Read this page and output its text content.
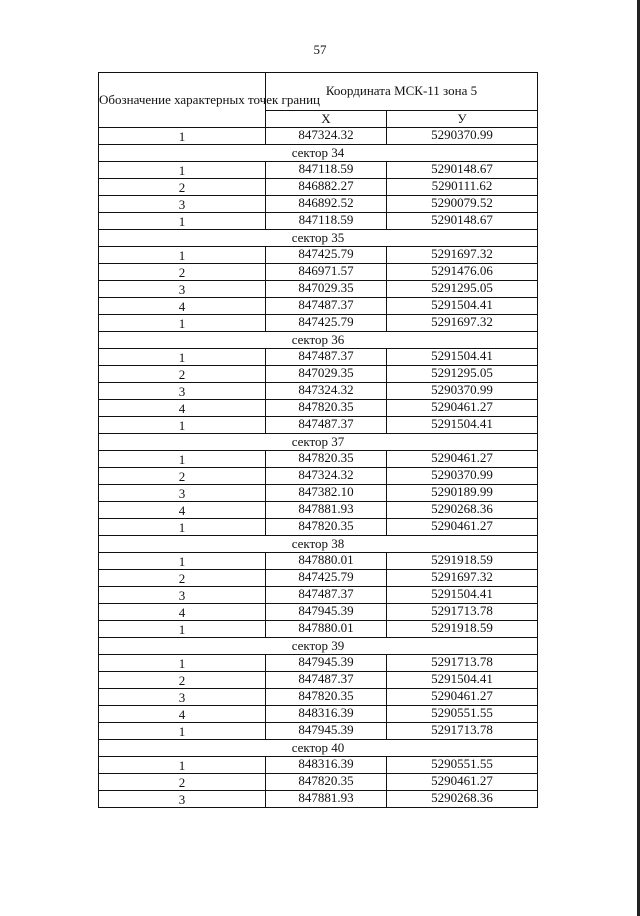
57
Обозначение характерных точек границ	Координата МСК-11 зона 5	
	X	У
1	847324.32	5290370.99
сектор 34		
1	847118.59	5290148.67
2	846882.27	5290111.62
3	846892.52	5290079.52
1	847118.59	5290148.67
сектор 35		
1	847425.79	5291697.32
2	846971.57	5291476.06
3	847029.35	5291295.05
4	847487.37	5291504.41
1	847425.79	5291697.32
сектор 36		
1	847487.37	5291504.41
2	847029.35	5291295.05
3	847324.32	5290370.99
4	847820.35	5290461.27
1	847487.37	5291504.41
сектор 37		
1	847820.35	5290461.27
2	847324.32	5290370.99
3	847382.10	5290189.99
4	847881.93	5290268.36
1	847820.35	5290461.27
сектор 38		
1	847880.01	5291918.59
2	847425.79	5291697.32
3	847487.37	5291504.41
4	847945.39	5291713.78
1	847880.01	5291918.59
сектор 39		
1	847945.39	5291713.78
2	847487.37	5291504.41
3	847820.35	5290461.27
4	848316.39	5290551.55
1	847945.39	5291713.78
сектор 40		
1	848316.39	5290551.55
2	847820.35	5290461.27
3	847881.93	5290268.36
